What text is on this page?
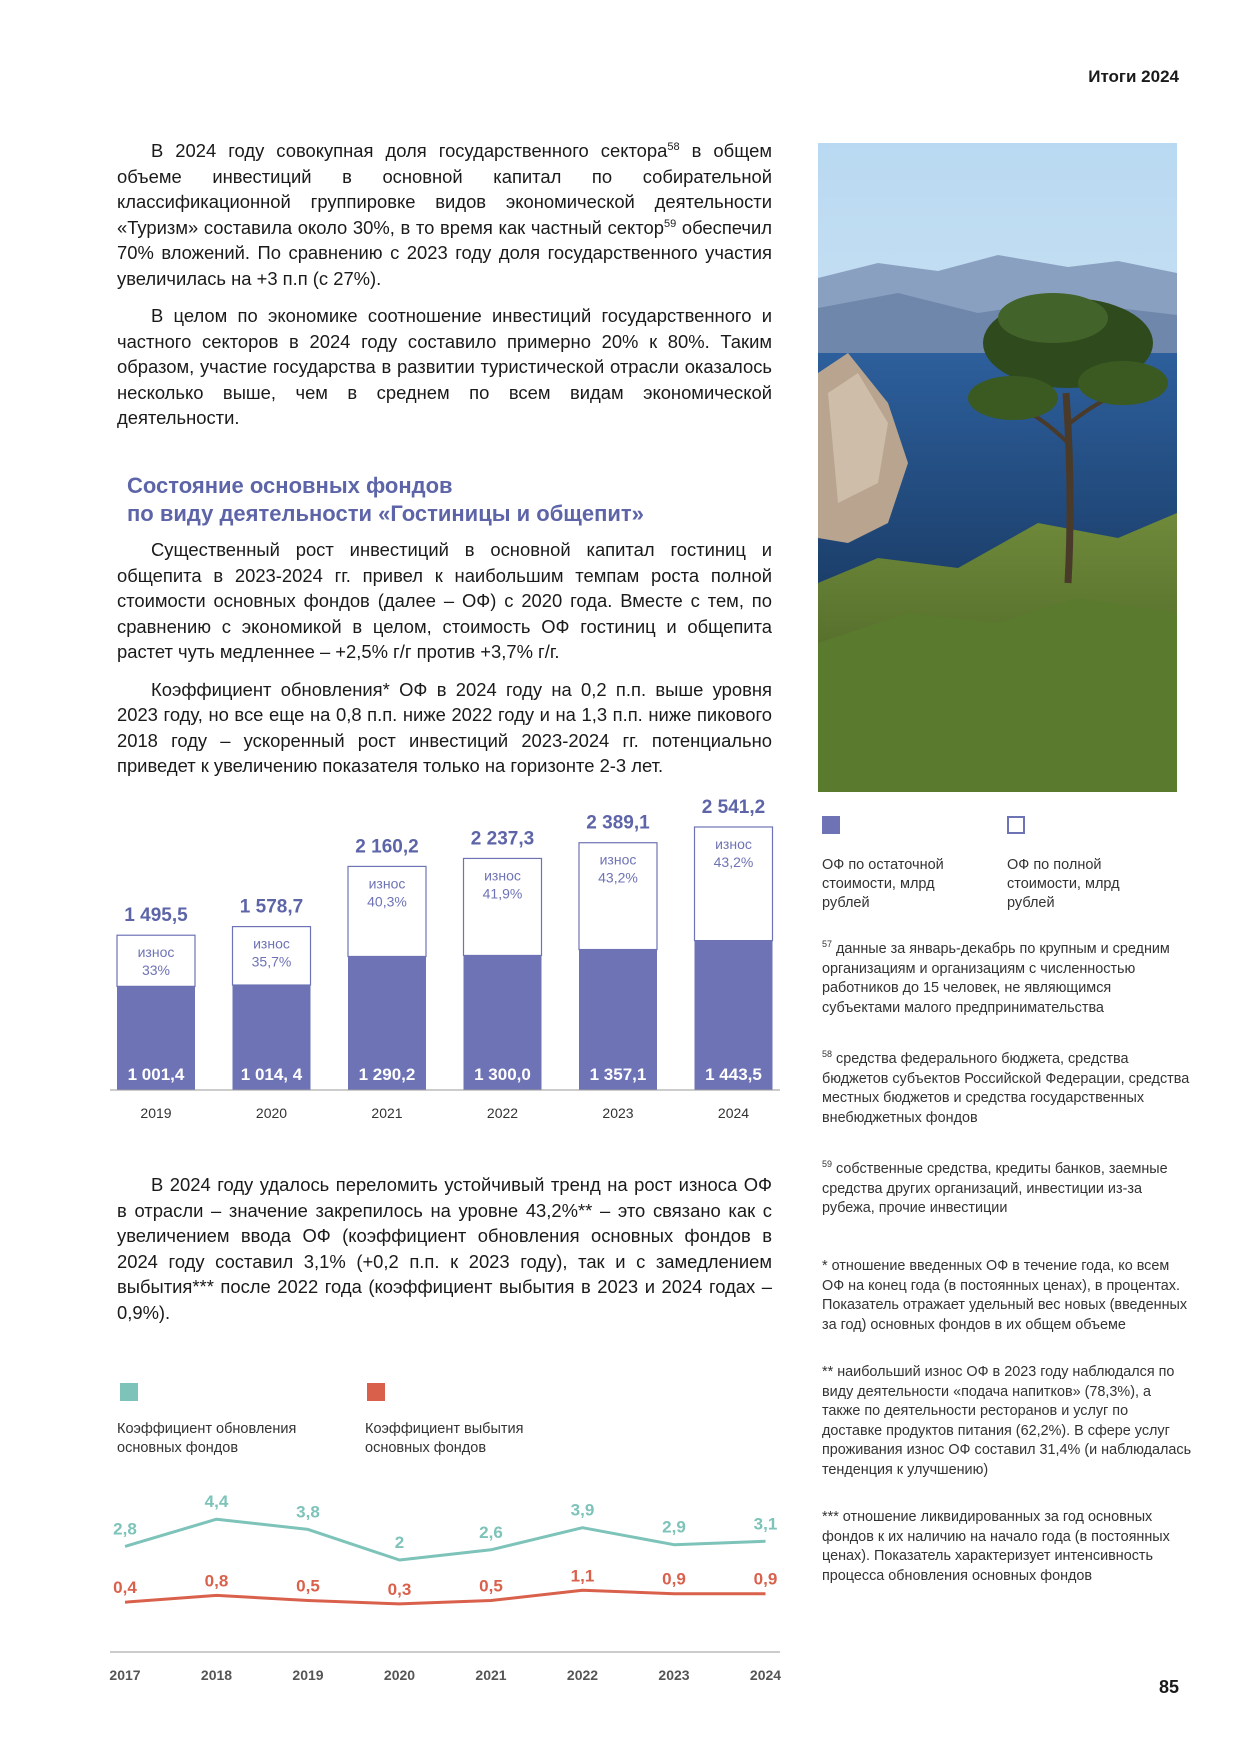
Итоги 2024

В 2024 году совокупная доля государственного сектора$^{58}$ в общем объеме инвестиций в основной капитал по собирательной классификационной группировке видов экономической деятельности «Туризм» составила около 30%, в то время как частный сектор$^{59}$ обеспечил 70% вложений. По сравнению с 2023 году доля государственного участия увеличилась на +3 п.п (с 27%).

В целом по экономике соотношение инвестиций государственного и частного секторов в 2024 году составило примерно 20% к 80%. Таким образом, участие государства в развитии туристической отрасли оказалось несколько выше, чем в среднем по всем видам экономической деятельности.

Состояние основных фондов
по виду деятельности «Гостиницы и общепит»

Существенный рост инвестиций в основной капитал гостиниц и общепита в 2023-2024 гг. привел к наибольшим темпам роста полной стоимости основных фондов (далее – ОФ) с 2020 года. Вместе с тем, по сравнению с экономикой в целом, стоимость ОФ гостиниц и общепита растет чуть медленнее – +2,5% г/г против +3,7% г/г.

Коэффициент обновления* ОФ в 2024 году на 0,2 п.п. выше уровня 2023 году, но все еще на 0,8 п.п. ниже 2022 году и на 1,3 п.п. ниже пикового 2018 году – ускоренный рост инвестиций 2023-2024 гг. потенциально приведет к увеличению показателя только на горизонте 2-3 лет.

ОФ по остаточной стоимости, млрд рублей
ОФ по полной стоимости, млрд рублей
1 495,5
износ
33%
1 001,4
2019
1 578,7
износ
35,7%
1 014, 4
2020
2 160,2
износ
40,3%
1 290,2
2021
2 237,3
износ
41,9%
1 300,0
2022
2 389,1
износ
43,2%
1 357,1
2023
2 541,2
износ
43,2%
1 443,5
2024

В 2024 году удалось переломить устойчивый тренд на рост износа ОФ в отрасли – значение закрепилось на уровне 43,2%** – это связано как с увеличением ввода ОФ (коэффициент обновления основных фондов в 2024 году составил 3,1% (+0,2 п.п. к 2023 году), так и с замедлением выбытия*** после 2022 года (коэффициент выбытия в 2023 и 2024 годах – 0,9%).

Коэффициент обновления основных фондов
Коэффициент выбытия основных фондов
2,8
4,4
3,8
2
2,6
3,9
2,9	3,1
0,4	0,8	0,5	0,3	0,5
1,1	0,9	0,9
2017	2018	2019	2020	2021	2022	2023	2024
$^{57}$ данные за январь-декабрь по крупным и средним организациям и организациям с численностью работников до 15 человек, не являющимся субъектами малого предпринимательства
$^{58}$ средства федерального бюджета, средства бюджетов субъектов Российской Федерации, средства местных бюджетов и средства государственных внебюджетных фондов
$^{59}$ собственные средства, кредиты банков, заемные средства других организаций, инвестиции из-за рубежа, прочие инвестиции
* отношение введенных ОФ в течение года, ко всем ОФ на конец года (в постоянных ценах), в процентах. Показатель отражает удельный вес новых (введенных за год) основных фондов в их общем объеме
** наибольший износ ОФ в 2023 году наблюдался по виду деятельности «подача напитков» (78,3%), а также по деятельности ресторанов и услуг по доставке продуктов питания (62,2%). В сфере услуг проживания износ ОФ составил 31,4% (и наблюдалась тенденция к улучшению)
*** отношение ликвидированных за год основных фондов к их наличию на начало года (в постоянных ценах). Показатель характеризует интенсивность процесса обновления основных фондов
85
